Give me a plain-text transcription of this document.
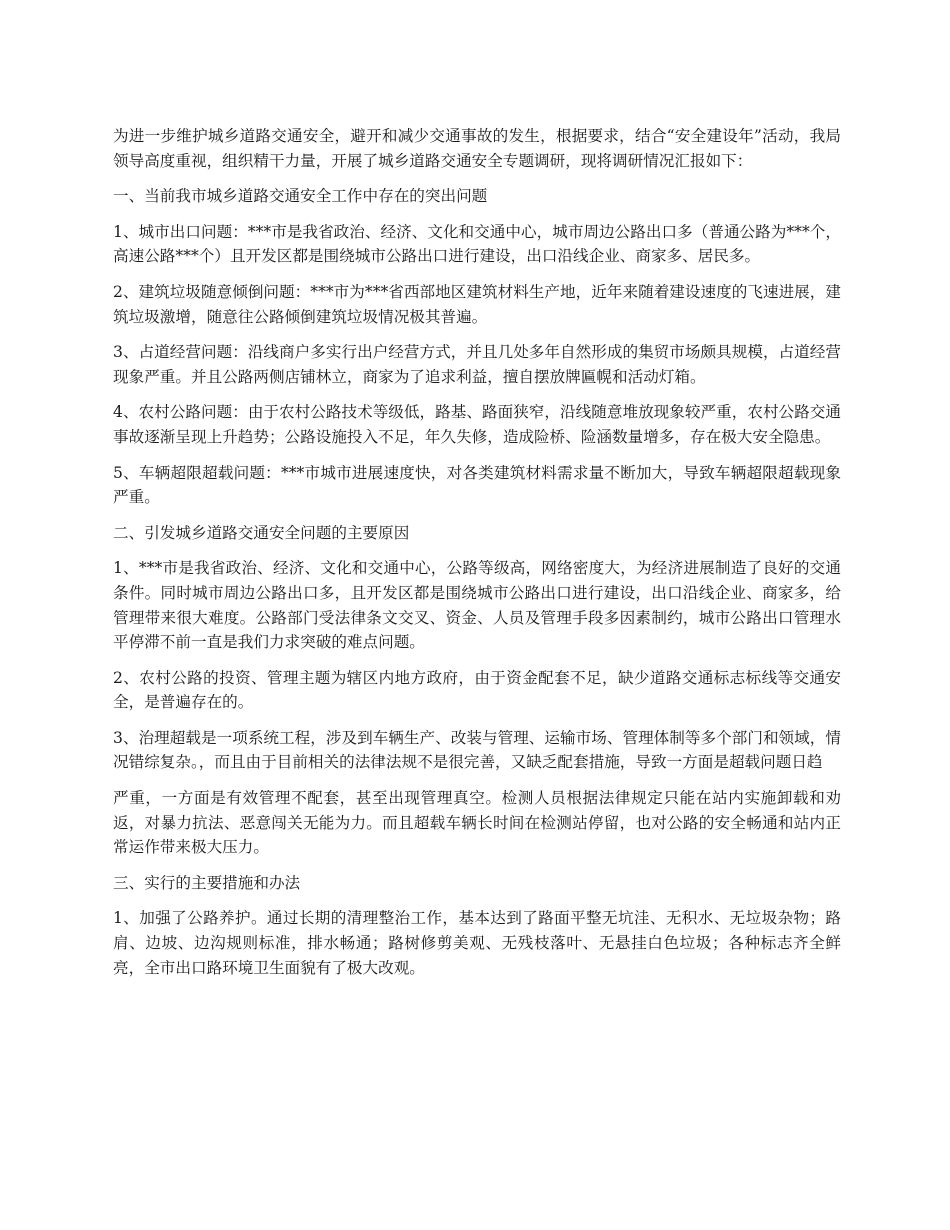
为进一步维护城乡道路交通安全，避开和减少交通事故的发生，根据要求，结合“安全建设年”活动，我局领导高度重视，组织精干力量，开展了城乡道路交通安全专题调研，现将调研情况汇报如下：

一、当前我市城乡道路交通安全工作中存在的突出问题

1、城市出口问题：***市是我省政治、经济、文化和交通中心，城市周边公路出口多（普通公路为***个，高速公路***个）且开发区都是围绕城市公路出口进行建设，出口沿线企业、商家多、居民多。

2、建筑垃圾随意倾倒问题：***市为***省西部地区建筑材料生产地，近年来随着建设速度的飞速进展，建筑垃圾激增，随意往公路倾倒建筑垃圾情况极其普遍。

3、占道经营问题：沿线商户多实行出户经营方式，并且几处多年自然形成的集贸市场颇具规模，占道经营现象严重。并且公路两侧店铺林立，商家为了追求利益，擅自摆放牌匾幌和活动灯箱。

4、农村公路问题：由于农村公路技术等级低，路基、路面狭窄，沿线随意堆放现象较严重，农村公路交通事故逐渐呈现上升趋势；公路设施投入不足，年久失修，造成险桥、险涵数量增多，存在极大安全隐患。

5、车辆超限超载问题：***市城市进展速度快，对各类建筑材料需求量不断加大，导致车辆超限超载现象严重。

二、引发城乡道路交通安全问题的主要原因

1、***市是我省政治、经济、文化和交通中心，公路等级高，网络密度大，为经济进展制造了良好的交通条件。同时城市周边公路出口多，且开发区都是围绕城市公路出口进行建设，出口沿线企业、商家多，给管理带来很大难度。公路部门受法律条文交叉、资金、人员及管理手段多因素制约，城市公路出口管理水平停滞不前一直是我们力求突破的难点问题。

2、农村公路的投资、管理主题为辖区内地方政府，由于资金配套不足，缺少道路交通标志标线等交通安全，是普遍存在的。

3、治理超载是一项系统工程，涉及到车辆生产、改装与管理、运输市场、管理体制等多个部门和领域，情况错综复杂。，而且由于目前相关的法律法规不是很完善，又缺乏配套措施，导致一方面是超载问题日趋

严重，一方面是有效管理不配套，甚至出现管理真空。检测人员根据法律规定只能在站内实施卸载和劝返，对暴力抗法、恶意闯关无能为力。而且超载车辆长时间在检测站停留，也对公路的安全畅通和站内正常运作带来极大压力。

三、实行的主要措施和办法

1、加强了公路养护。通过长期的清理整治工作，基本达到了路面平整无坑洼、无积水、无垃圾杂物；路肩、边坡、边沟规则标准，排水畅通；路树修剪美观、无残枝落叶、无悬挂白色垃圾；各种标志齐全鲜亮，全市出口路环境卫生面貌有了极大改观。
